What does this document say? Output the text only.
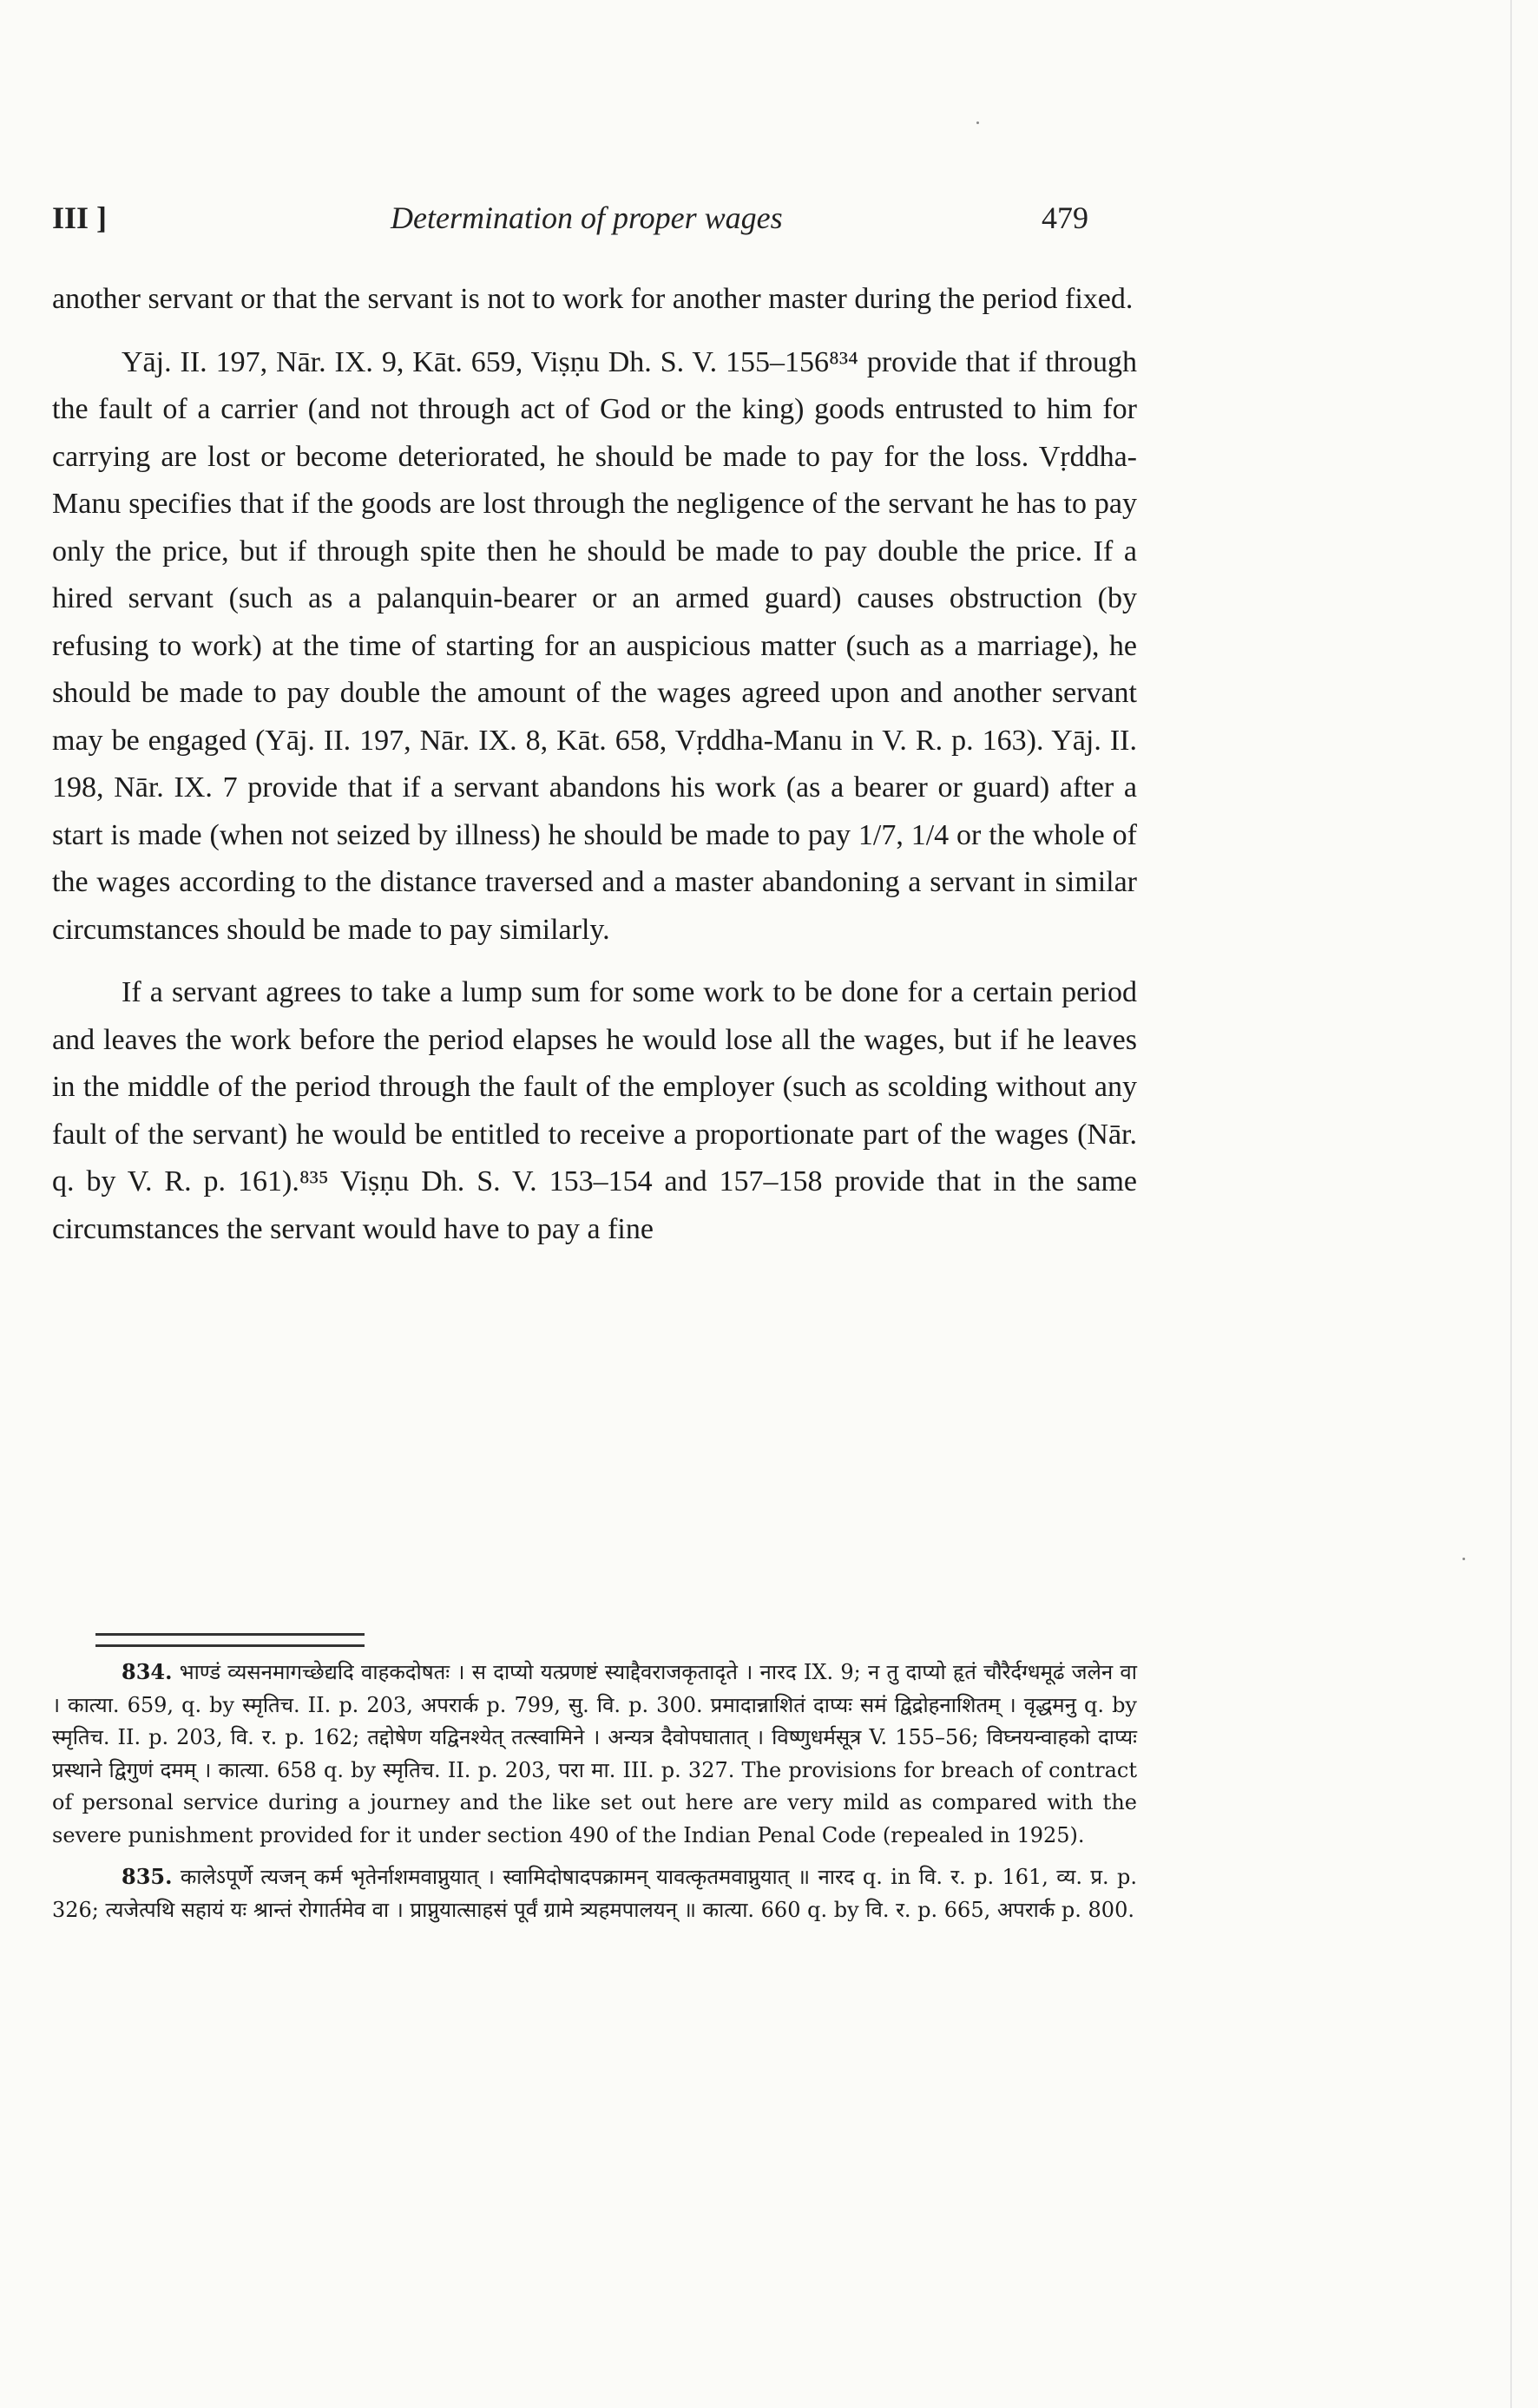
III ]	Determination of proper wages	479

another servant or that the servant is not to work for another master during the period fixed.

Yāj. II. 197, Nār. IX. 9, Kāt. 659, Viṣṇu Dh. S. V. 155–156⁸³⁴ provide that if through the fault of a carrier (and not through act of God or the king) goods entrusted to him for carrying are lost or become deteriorated, he should be made to pay for the loss. Vṛddha-Manu specifies that if the goods are lost through the negligence of the servant he has to pay only the price, but if through spite then he should be made to pay double the price. If a hired servant (such as a palanquin-bearer or an armed guard) causes obstruction (by refusing to work) at the time of starting for an auspicious matter (such as a marriage), he should be made to pay double the amount of the wages agreed upon and another servant may be engaged (Yāj. II. 197, Nār. IX. 8, Kāt. 658, Vṛddha-Manu in V. R. p. 163). Yāj. II. 198, Nār. IX. 7 provide that if a servant abandons his work (as a bearer or guard) after a start is made (when not seized by illness) he should be made to pay 1/7, 1/4 or the whole of the wages according to the distance traversed and a master abandoning a servant in similar circumstances should be made to pay similarly.

If a servant agrees to take a lump sum for some work to be done for a certain period and leaves the work before the period elapses he would lose all the wages, but if he leaves in the middle of the period through the fault of the employer (such as scolding without any fault of the servant) he would be entitled to receive a proportionate part of the wages (Nār. q. by V. R. p. 161).⁸³⁵ Viṣṇu Dh. S. V. 153–154 and 157–158 provide that in the same circumstances the servant would have to pay a fine

834. भाण्डं व्यसनमागच्छेद्यदि वाहकदोषतः । स दाप्यो यत्प्रणष्टं स्याद्दैवराजकृतादृते । नारद IX. 9; न तु दाप्यो हृतं चौरैर्दग्धमूढं जलेन वा । कात्या. 659, q. by स्मृतिच. II. p. 203, अपरार्क p. 799, सु. वि. p. 300. प्रमादान्नाशितं दाप्यः समं द्विद्रोहनाशितम् । वृद्धमनु q. by स्मृतिच. II. p. 203, वि. र. p. 162; तद्दोषेण यद्विनश्येत् तत्स्वामिने । अन्यत्र दैवोपघातात् । विष्णुधर्मसूत्र V. 155–56; विघ्नयन्वाहको दाप्यः प्रस्थाने द्विगुणं दमम् । कात्या. 658 q. by स्मृतिच. II. p. 203, परा मा. III. p. 327. The provisions for breach of contract of personal service during a journey and the like set out here are very mild as compared with the severe punishment provided for it under section 490 of the Indian Penal Code (repealed in 1925).

835. कालेऽपूर्णे त्यजन् कर्म भृतेर्नाशमवाप्नुयात् । स्वामिदोषादपक्रामन् यावत्कृतमवाप्नुयात् ॥ नारद q. in वि. र. p. 161, व्य. प्र. p. 326; त्यजेत्पथि सहायं यः श्रान्तं रोगार्तमेव वा । प्राप्नुयात्साहसं पूर्वं ग्रामे त्र्यहमपालयन् ॥ कात्या. 660 q. by वि. र. p. 665, अपरार्क p. 800.
